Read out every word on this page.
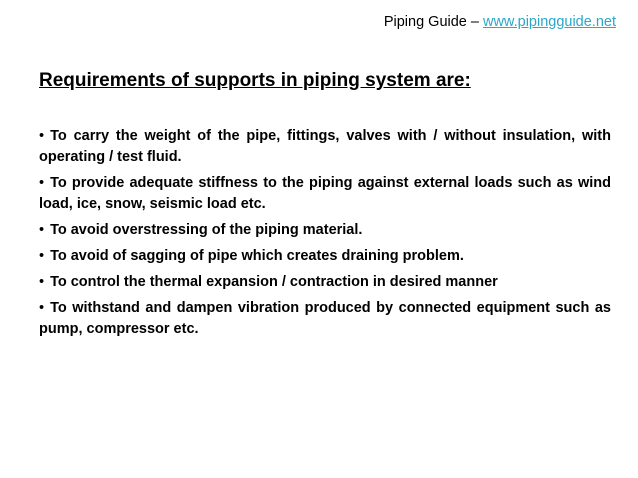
Piping Guide – www.pipingguide.net
Requirements of supports in piping system are:
• To carry the weight of the pipe, fittings, valves with / without insulation, with operating / test fluid.
• To provide adequate stiffness to the piping against external loads such as wind load, ice, snow, seismic load etc.
• To avoid overstressing of the piping material.
• To avoid of sagging of pipe which creates draining problem.
• To control the thermal expansion / contraction in desired manner
• To withstand and dampen vibration produced by connected equipment such as pump, compressor etc.
